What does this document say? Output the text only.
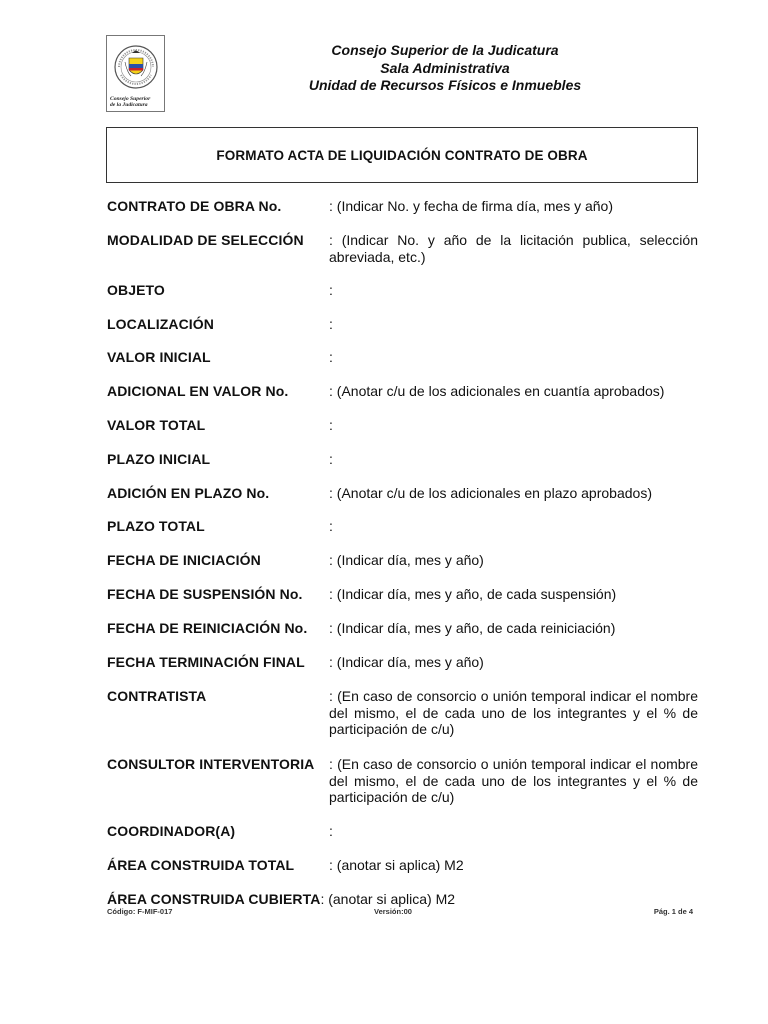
Consejo Superior
de la Judicatura
Consejo Superior de la Judicatura
Sala Administrativa
Unidad de Recursos Físicos e Inmuebles
FORMATO ACTA DE LIQUIDACIÓN CONTRATO DE OBRA
CONTRATO DE OBRA No.	: (Indicar No. y fecha de firma día, mes y año)
MODALIDAD DE SELECCIÓN : (Indicar No. y año de la licitación publica, selección abreviada, etc.)
OBJETO	:
LOCALIZACIÓN	:
VALOR INICIAL	:
ADICIONAL EN VALOR No.	: (Anotar c/u de los adicionales en cuantía aprobados)
VALOR TOTAL	:
PLAZO INICIAL	:
ADICIÓN EN PLAZO No.	: (Anotar c/u de los adicionales en plazo aprobados)
PLAZO TOTAL	:
FECHA DE INICIACIÓN	: (Indicar día, mes y año)
FECHA DE SUSPENSIÓN No. : (Indicar día, mes y año, de cada suspensión)
FECHA DE REINICIACIÓN No. : (Indicar día, mes y año, de cada reiniciación)
FECHA TERMINACIÓN FINAL : (Indicar día, mes y año)
CONTRATISTA	: (En caso de consorcio o unión temporal indicar el nombre del mismo, el de cada uno de los integrantes y el % de participación de c/u)
CONSULTOR INTERVENTORIA : (En caso de consorcio o unión temporal indicar el nombre del mismo, el de cada uno de los integrantes y el % de participación de c/u)
COORDINADOR(A)	:
ÁREA CONSTRUIDA TOTAL : (anotar si aplica) M2
ÁREA CONSTRUIDA CUBIERTA: (anotar si aplica) M2
Código: F-MIF-017	Versión:00	Pág. 1 de 4
